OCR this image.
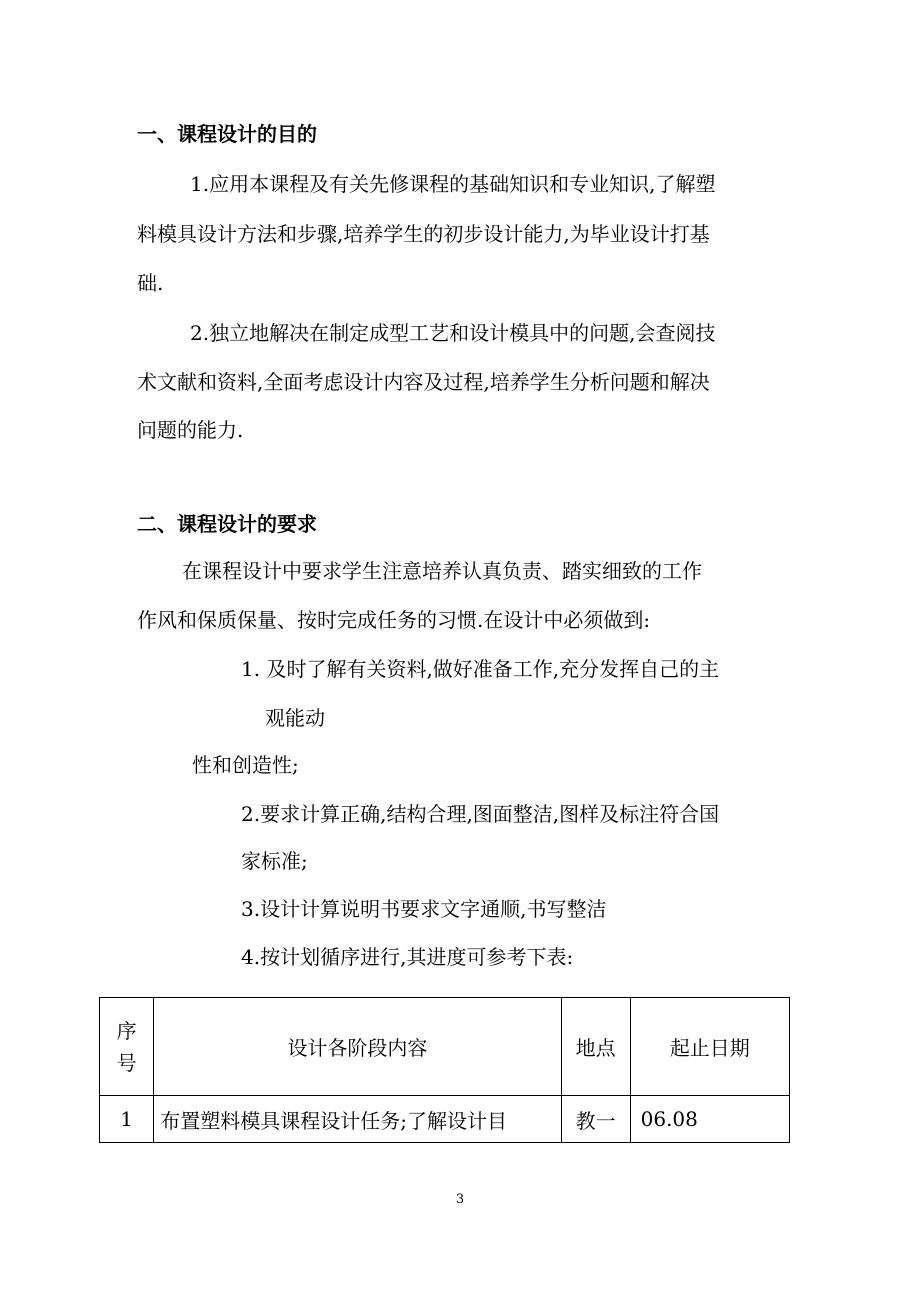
一、课程设计的目的
1.应用本课程及有关先修课程的基础知识和专业知识,了解塑
料模具设计方法和步骤,培养学生的初步设计能力,为毕业设计打基
础.
2.独立地解决在制定成型工艺和设计模具中的问题,会查阅技
术文献和资料,全面考虑设计内容及过程,培养学生分析问题和解决
问题的能力.
二、课程设计的要求
在课程设计中要求学生注意培养认真负责、踏实细致的工作
作风和保质保量、按时完成任务的习惯.在设计中必须做到:
1. 及时了解有关资料,做好准备工作,充分发挥自己的主
观能动
性和创造性;
2.要求计算正确,结构合理,图面整洁,图样及标注符合国
家标准;
3.设计计算说明书要求文字通顺,书写整洁
4.按计划循序进行,其进度可参考下表:
序
号	设计各阶段内容	地点	起止日期
1	布置塑料模具课程设计任务;了解设计目	教一	06.08
3
